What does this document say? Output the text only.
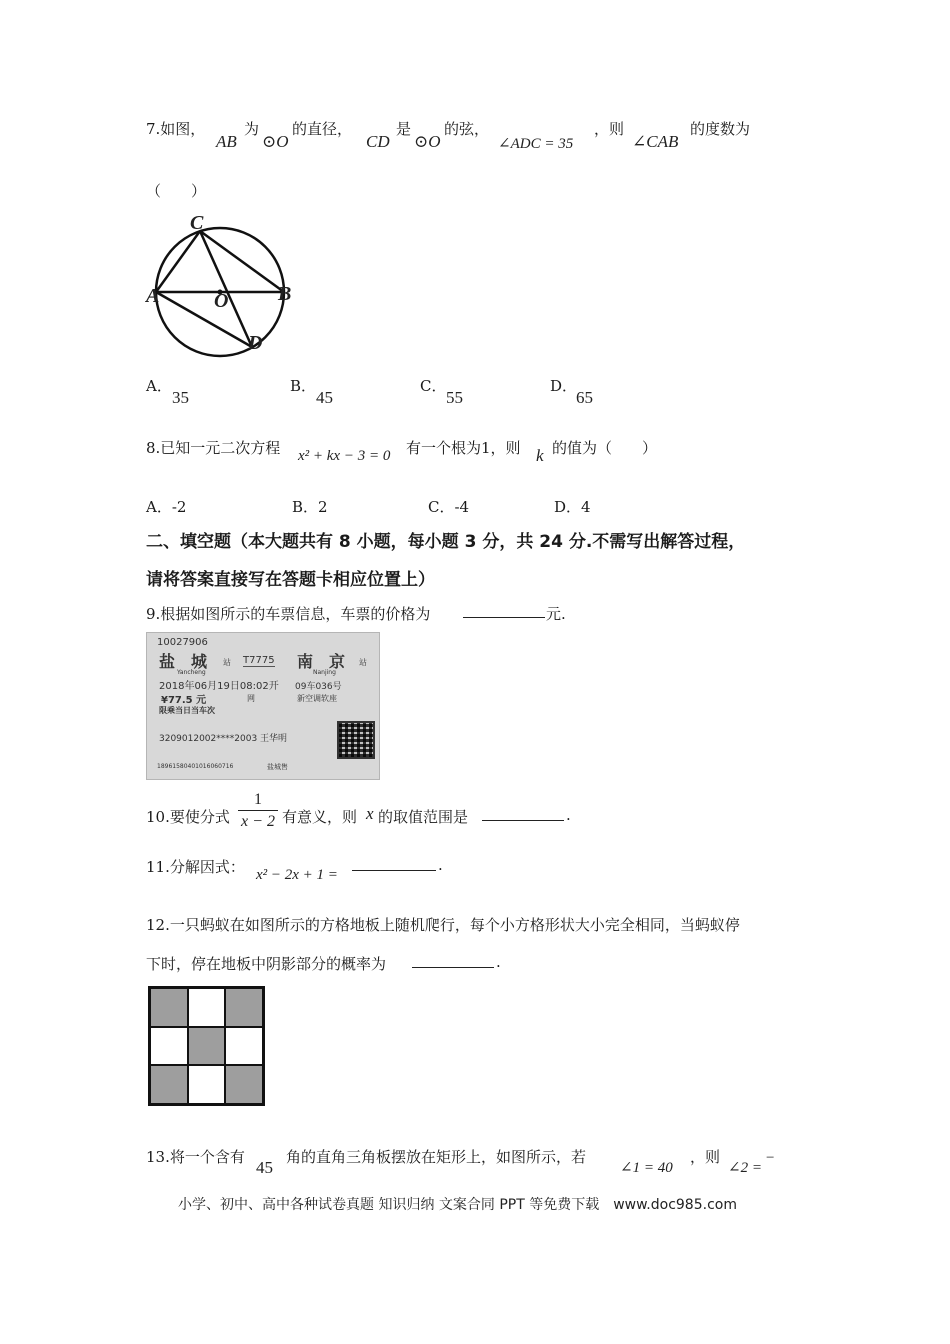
7.如图，
AB
为
⊙O
的直径，
CD
是
⊙O
的弦，
∠ADC = 35
，则
∠CAB
的度数为
（　　）
C
A	O B
D
A．
35
B．
45
C．
55
D．
65
8.已知一元二次方程 x² + kx − 3 = 0 有一个根为1，则 k 的值为（　　）
A．-2	B．2	C．-4	D．4
二、填空题（本大题共有 8 小题，每小题 3 分，共 24 分.不需写出解答过程，
请将答案直接写在答题卡相应位置上）
9.根据如图所示的车票信息，车票的价格为	元.
10027906
盐　城 站
Yancheng
T7775 南　京 站
Nanjing
2018年06月19日08:02开 09车036号
¥77.5 元	网	新空调软座
限乘当日当车次
3209012002****2003 王华明
18961580401016060716	盐城售
10.要使分式
1
x − 2 有意义，则 x 的取值范围是	.
11.分解因式： x² − 2x + 1 =
.
12.一只蚂蚁在如图所示的方格地板上随机爬行，每个小方格形状大小完全相同，当蚂蚁停
下时，停在地板中阴影部分的概率为	.
13.将一个含有
45
角的直角三角板摆放在矩形上，如图所示，若
∠1 = 40
，则
∠2 =
−
小学、初中、高中各种试卷真题 知识归纳 文案合同 PPT 等免费下载　www.doc985.com
